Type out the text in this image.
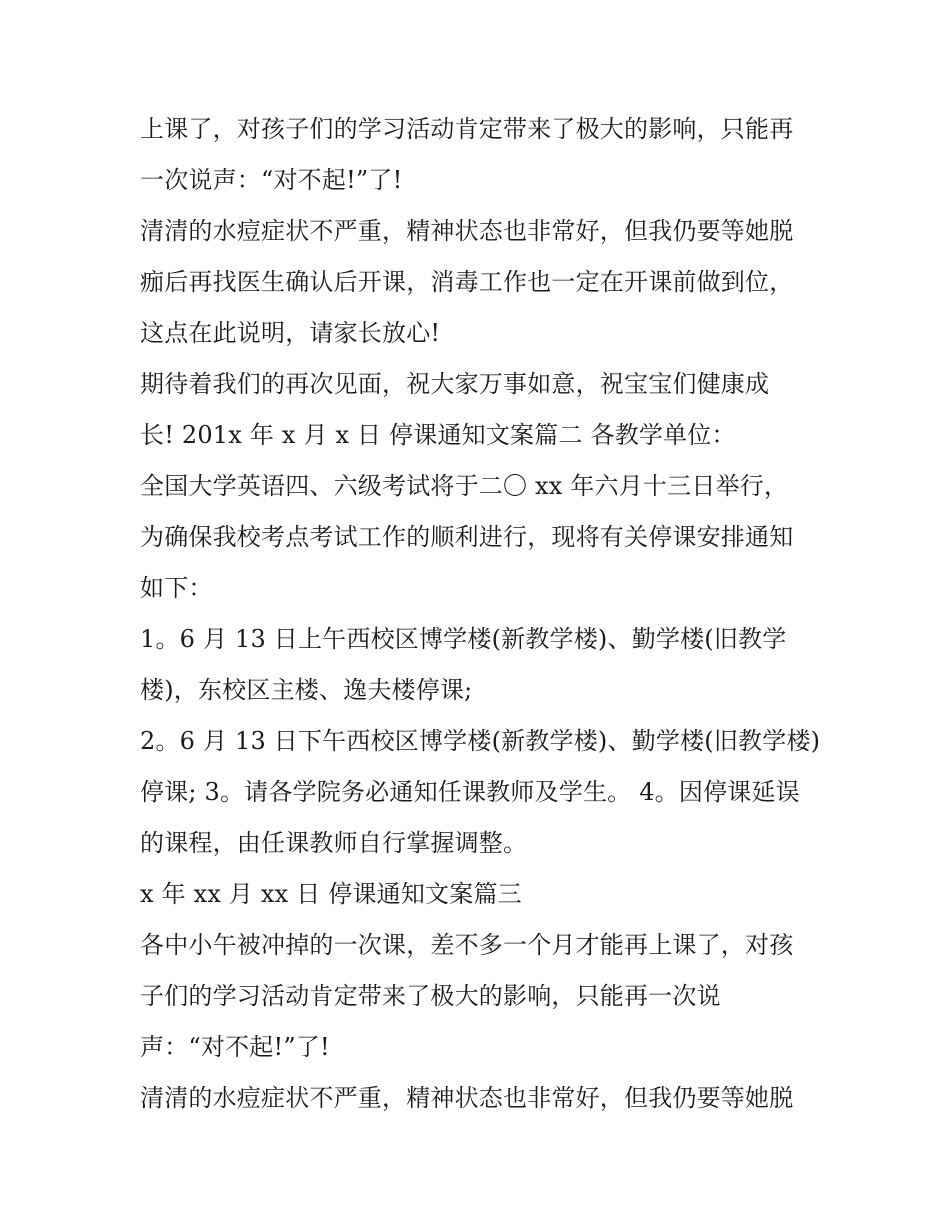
上课了，对孩子们的学习活动肯定带来了极大的影响，只能再
一次说声：“对不起!”了!
清清的水痘症状不严重，精神状态也非常好，但我仍要等她脱
痂后再找医生确认后开课，消毒工作也一定在开课前做到位，
这点在此说明，请家长放心!
期待着我们的再次见面，祝大家万事如意，祝宝宝们健康成
长! 201x 年 x 月 x 日 停课通知文案篇二 各教学单位：
全国大学英语四、六级考试将于二〇 xx 年六月十三日举行，
为确保我校考点考试工作的顺利进行，现将有关停课安排通知
如下：
1。6 月 13 日上午西校区博学楼(新教学楼)、勤学楼(旧教学
楼)，东校区主楼、逸夫楼停课;
2。6 月 13 日下午西校区博学楼(新教学楼)、勤学楼(旧教学楼)
停课; 3。请各学院务必通知任课教师及学生。 4。因停课延误
的课程，由任课教师自行掌握调整。
x 年 xx 月 xx 日 停课通知文案篇三
各中小午被冲掉的一次课，差不多一个月才能再上课了，对孩
子们的学习活动肯定带来了极大的影响，只能再一次说
声：“对不起!”了!
清清的水痘症状不严重，精神状态也非常好，但我仍要等她脱
